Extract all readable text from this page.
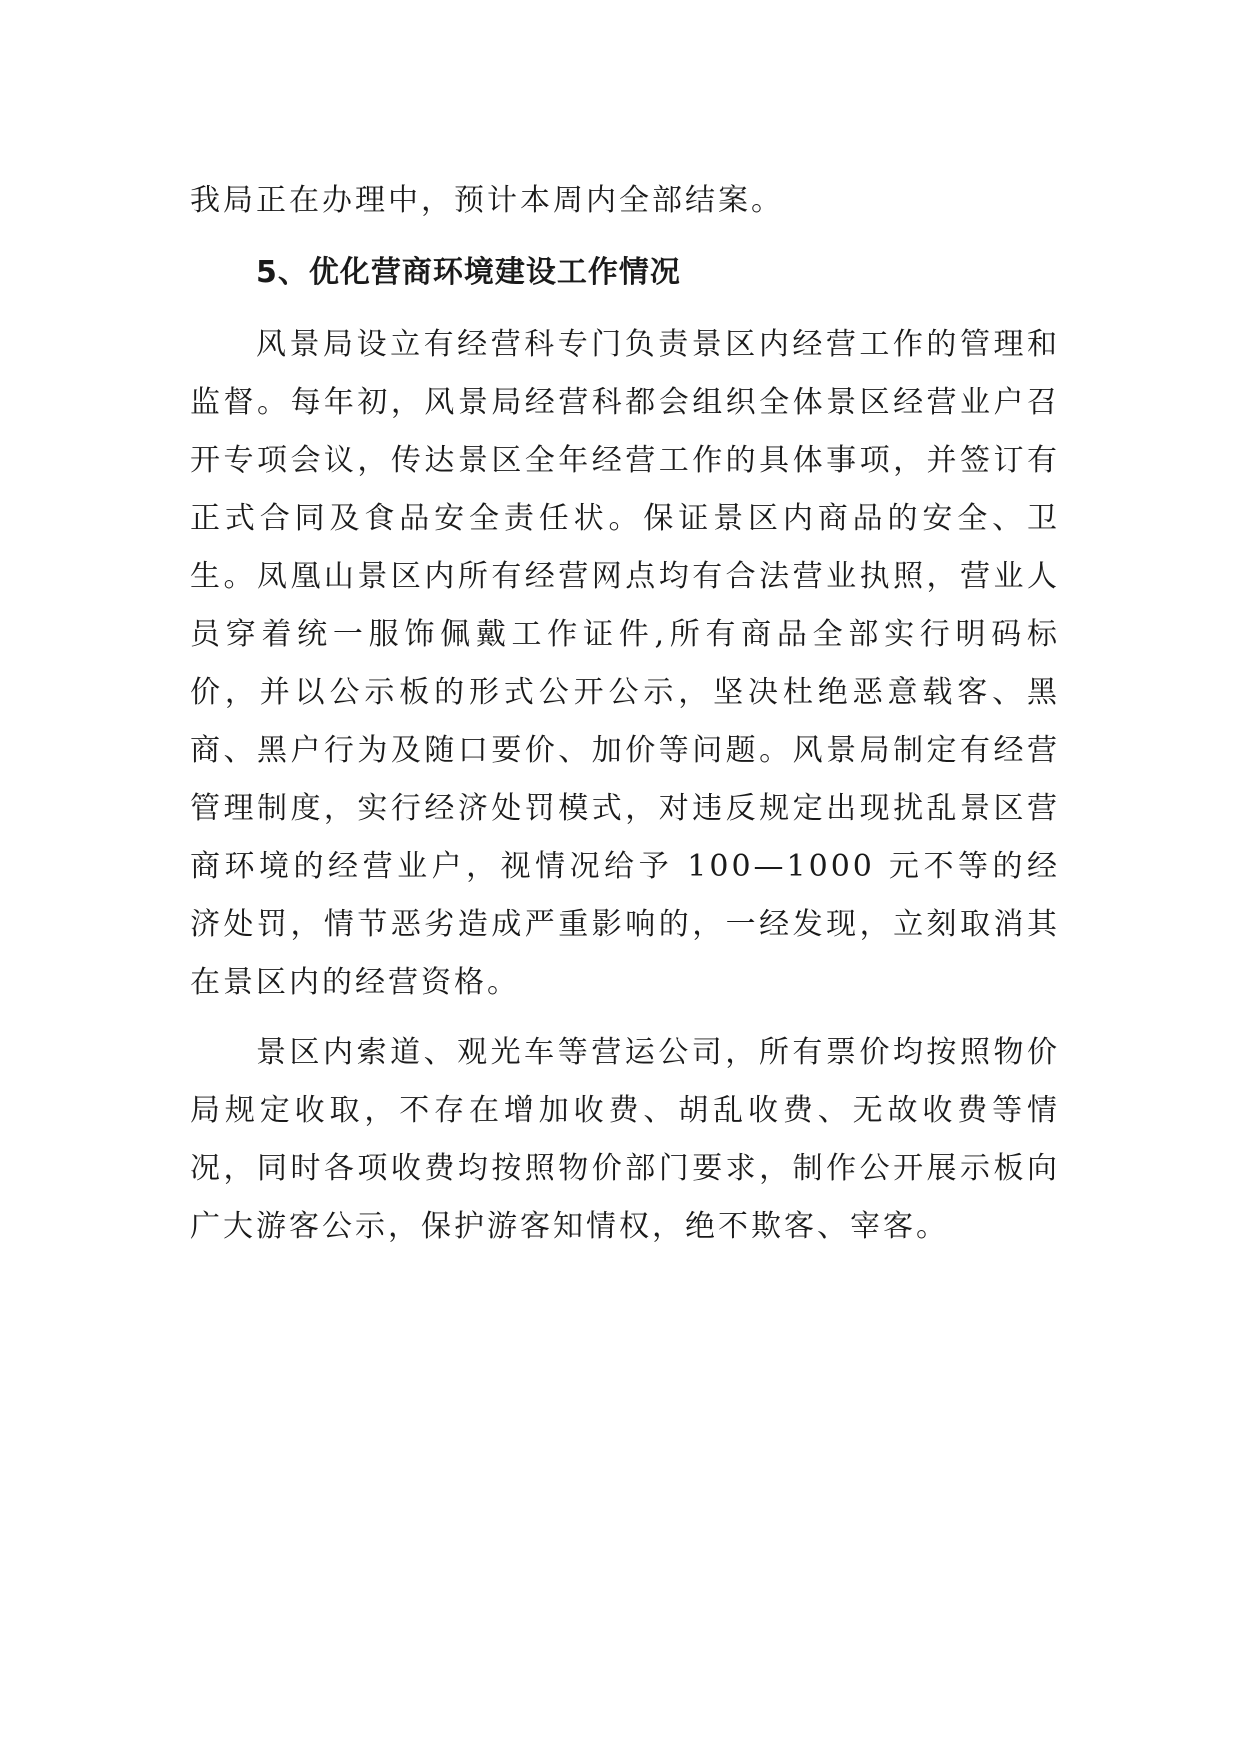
我局正在办理中，预计本周内全部结案。

5、优化营商环境建设工作情况

风景局设立有经营科专门负责景区内经营工作的管理和监督。每年初，风景局经营科都会组织全体景区经营业户召开专项会议，传达景区全年经营工作的具体事项，并签订有正式合同及食品安全责任状。保证景区内商品的安全、卫生。凤凰山景区内所有经营网点均有合法营业执照，营业人员穿着统一服饰佩戴工作证件,所有商品全部实行明码标价，并以公示板的形式公开公示，坚决杜绝恶意载客、黑商、黑户行为及随口要价、加价等问题。风景局制定有经营管理制度，实行经济处罚模式，对违反规定出现扰乱景区营商环境的经营业户，视情况给予 100—1000 元不等的经济处罚，情节恶劣造成严重影响的，一经发现，立刻取消其在景区内的经营资格。

景区内索道、观光车等营运公司，所有票价均按照物价局规定收取，不存在增加收费、胡乱收费、无故收费等情况，同时各项收费均按照物价部门要求，制作公开展示板向广大游客公示，保护游客知情权，绝不欺客、宰客。
